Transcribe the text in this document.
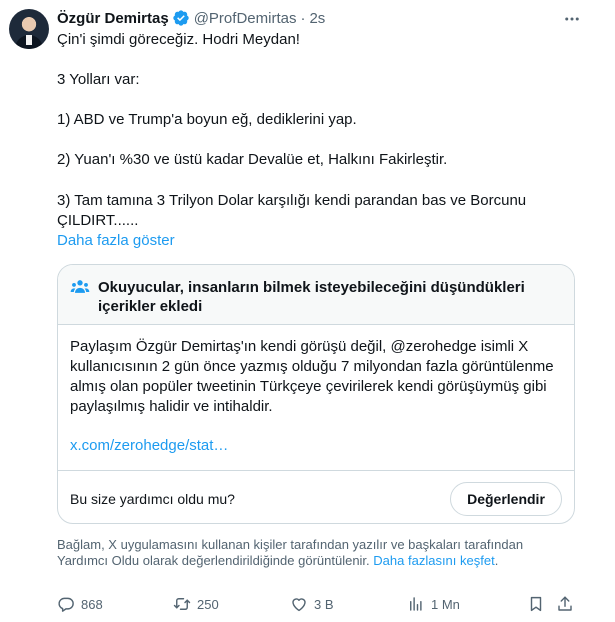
Özgür Demirtaş @ProfDemirtas · 2s
Çin'i şimdi göreceğiz. Hodri Meydan!
3 Yolları var:
1) ABD ve Trump'a boyun eğ, dediklerini yap.
2) Yuan'ı %30 ve üstü kadar Devalüe et, Halkını Fakirleştir.
3) Tam tamına 3 Trilyon Dolar karşılığı kendi parandan bas ve Borcunu
ÇILDIRT......
Daha fazla göster
Okuyucular, insanların bilmek isteyebileceğini düşündükleri içerikler ekledi
Paylaşım Özgür Demirtaş'ın kendi görüşü değil, @zerohedge isimli X kullanıcısının 2 gün önce yazmış olduğu 7 milyondan fazla görüntülenme almış olan popüler tweetinin Türkçeye çevirilerek kendi görüşüymüş gibi paylaşılmış halidir ve intihaldir.
x.com/zerohedge/stat…
Bu size yardımcı oldu mu?	Değerlendir
Bağlam, X uygulamasını kullanan kişiler tarafından yazılır ve başkaları tarafından Yardımcı Oldu olarak değerlendirildiğinde görüntülenir. Daha fazlasını keşfet.
868	250	3 B	1 Mn
